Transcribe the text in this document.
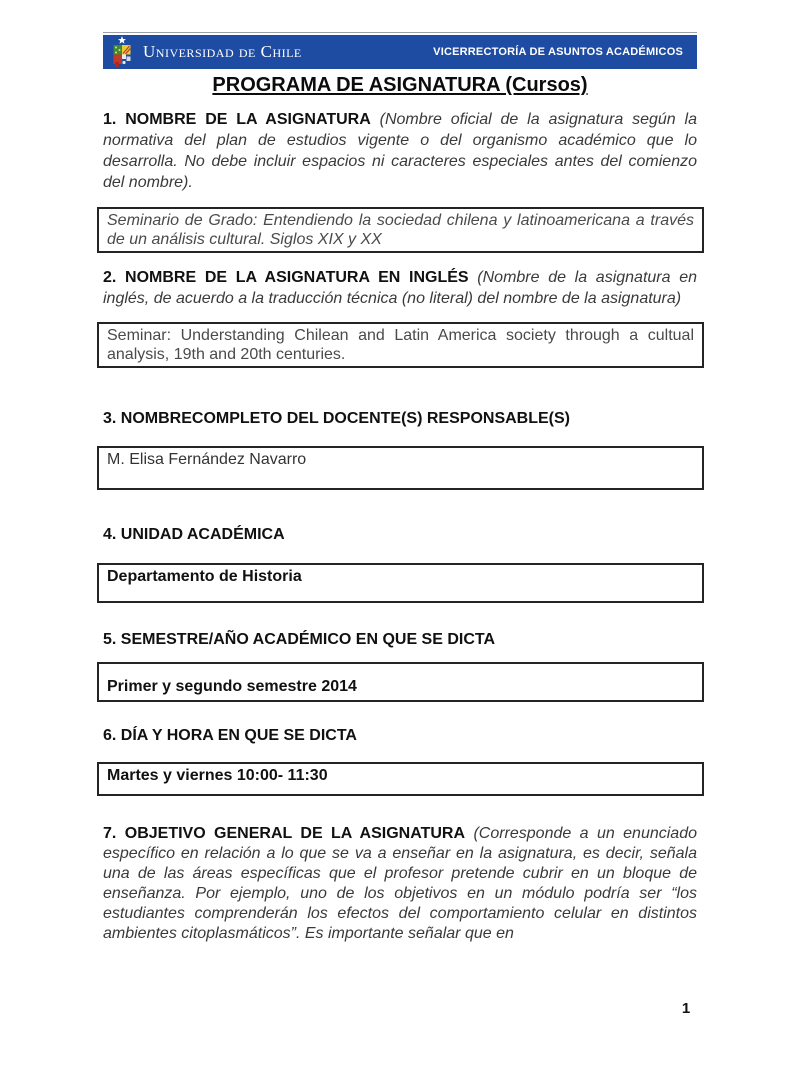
Universidad de Chile	VICERRECTORÍA DE ASUNTOS ACADÉMICOS
PROGRAMA DE ASIGNATURA (Cursos)

1. NOMBRE DE LA ASIGNATURA (Nombre oficial de la asignatura según la normativa del plan de estudios vigente o del organismo académico que lo desarrolla. No debe incluir espacios ni caracteres especiales antes del comienzo del nombre).

Seminario de Grado: Entendiendo la sociedad chilena y latinoamericana a través de un análisis cultural. Siglos XIX y XX

2. NOMBRE DE LA ASIGNATURA EN INGLÉS (Nombre de la asignatura en inglés, de acuerdo a la traducción técnica (no literal) del nombre de la asignatura)

Seminar: Understanding Chilean and Latin America society through a cultual analysis, 19th and 20th centuries.

3. NOMBRECOMPLETO DEL DOCENTE(S) RESPONSABLE(S)

M. Elisa Fernández Navarro

4. UNIDAD ACADÉMICA

Departamento de Historia

5. SEMESTRE/AÑO ACADÉMICO EN QUE SE DICTA

Primer y segundo semestre 2014

6. DÍA Y HORA EN QUE SE DICTA

Martes y viernes 10:00- 11:30

7. OBJETIVO GENERAL DE LA ASIGNATURA (Corresponde a un enunciado específico en relación a lo que se va a enseñar en la asignatura, es decir, señala una de las áreas específicas que el profesor pretende cubrir en un bloque de enseñanza. Por ejemplo, uno de los objetivos en un módulo podría ser “los estudiantes comprenderán los efectos del comportamiento celular en distintos ambientes citoplasmáticos”. Es importante señalar que en

1
